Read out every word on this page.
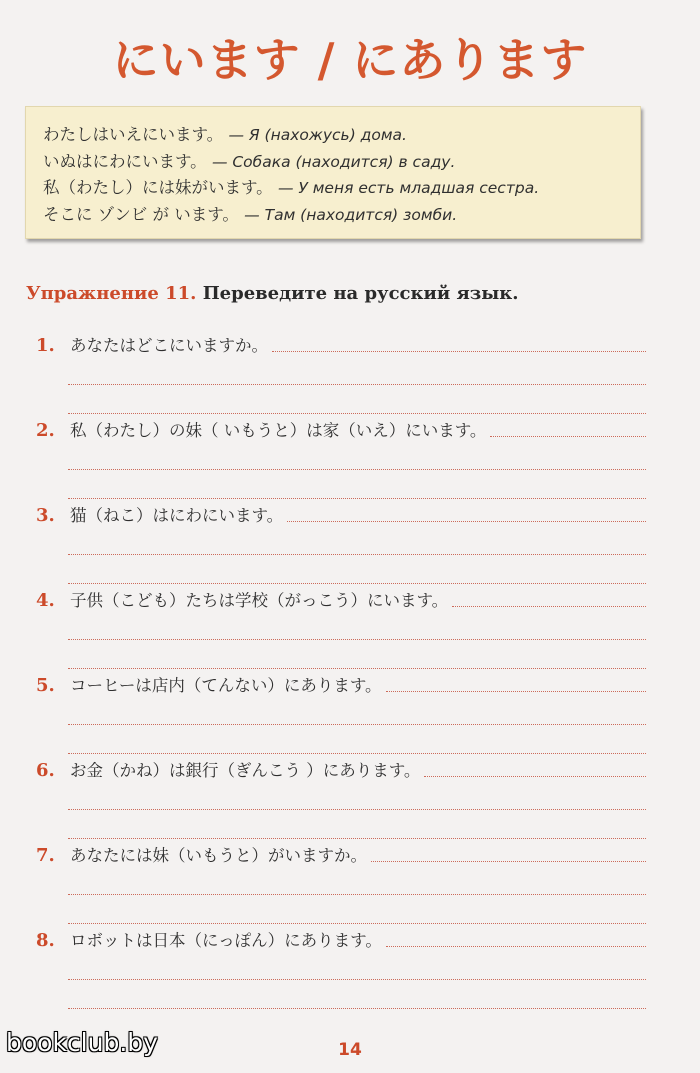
にいます / にあります
わたしはいえにいます。 — Я (нахожусь) дома.
いぬはにわにいます。 — Собака (находится) в саду.
私（わたし）には妹がいます。 — У меня есть младшая сестра.
そこに ゾンビ が います。 — Там (находится) зомби.
Упражнение 11. Переведите на русский язык.
1. あなたはどこにいますか。
2. 私（わたし）の妹（ いもうと）は家（いえ）にいます。
3. 猫（ねこ）はにわにいます。
4. 子供（こども）たちは学校（がっこう）にいます。
5. コーヒーは店内（てんない）にあります。
6. お金（かね）は銀行（ぎんこう ）にあります。
7. あなたには妹（いもうと）がいますか。
8. ロボットは日本（にっぽん）にあります。
14
bookclub.by
